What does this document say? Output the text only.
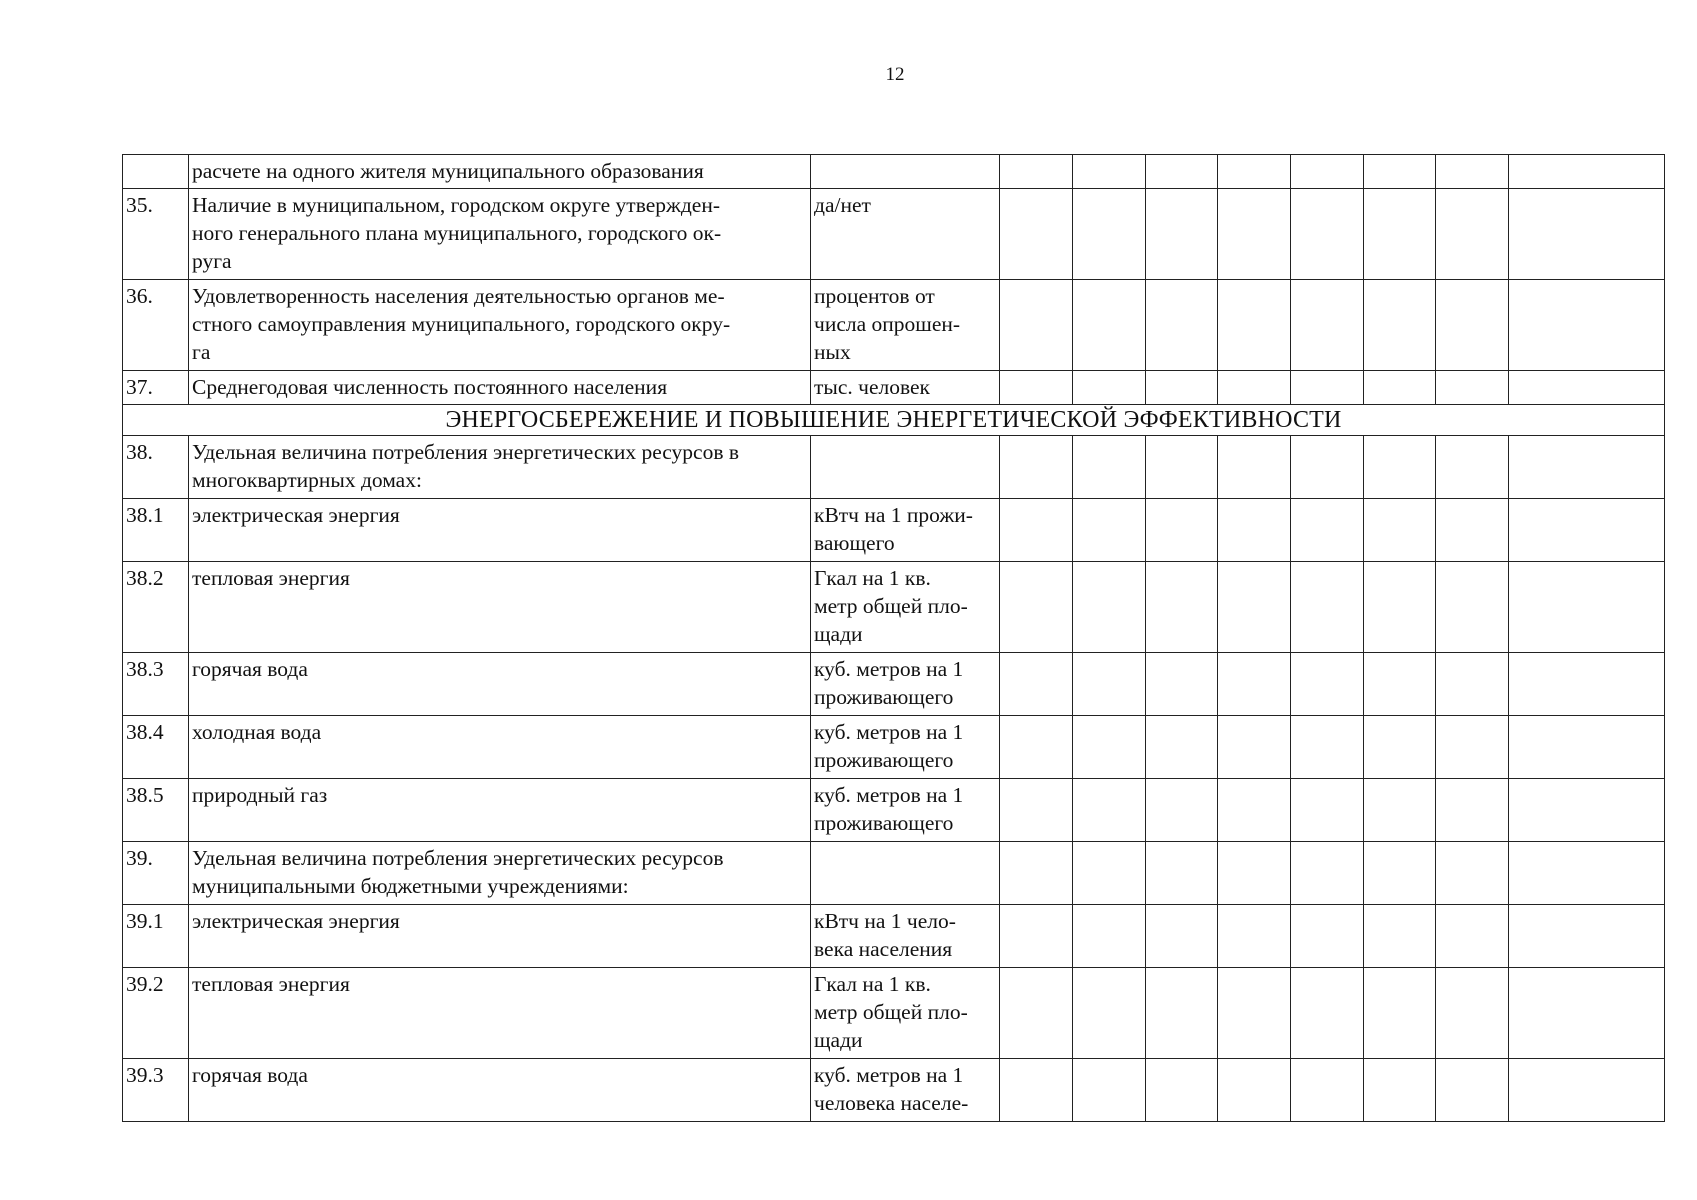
12
	расчете на одного жителя муниципального образования									
35.	Наличие в муниципальном, городском округе утвержден-
ного генерального плана муниципального, городского ок-
руга	да/нет								
36.	Удовлетворенность населения деятельностью органов ме-
стного самоуправления муниципального, городского окру-
га	процентов от
числа опрошен-
ных								
37.	Среднегодовая численность постоянного населения	тыс. человек								
ЭНЕРГОСБЕРЕЖЕНИЕ И ПОВЫШЕНИЕ ЭНЕРГЕТИЧЕСКОЙ ЭФФЕКТИВНОСТИ										
38.	Удельная величина потребления энергетических ресурсов в
многоквартирных домах:									
38.1	электрическая энергия	кВтч на 1 прожи-
вающего								
38.2	тепловая энергия	Гкал на 1 кв.
метр общей пло-
щади								
38.3	горячая вода	куб. метров на 1
проживающего								
38.4	холодная вода	куб. метров на 1
проживающего								
38.5	природный газ	куб. метров на 1
проживающего								
39.	Удельная величина потребления энергетических ресурсов
муниципальными бюджетными учреждениями:									
39.1	электрическая энергия	кВтч на 1 чело-
века населения								
39.2	тепловая энергия	Гкал на 1 кв.
метр общей пло-
щади								
39.3	горячая вода	куб. метров на 1
человека населе-								
